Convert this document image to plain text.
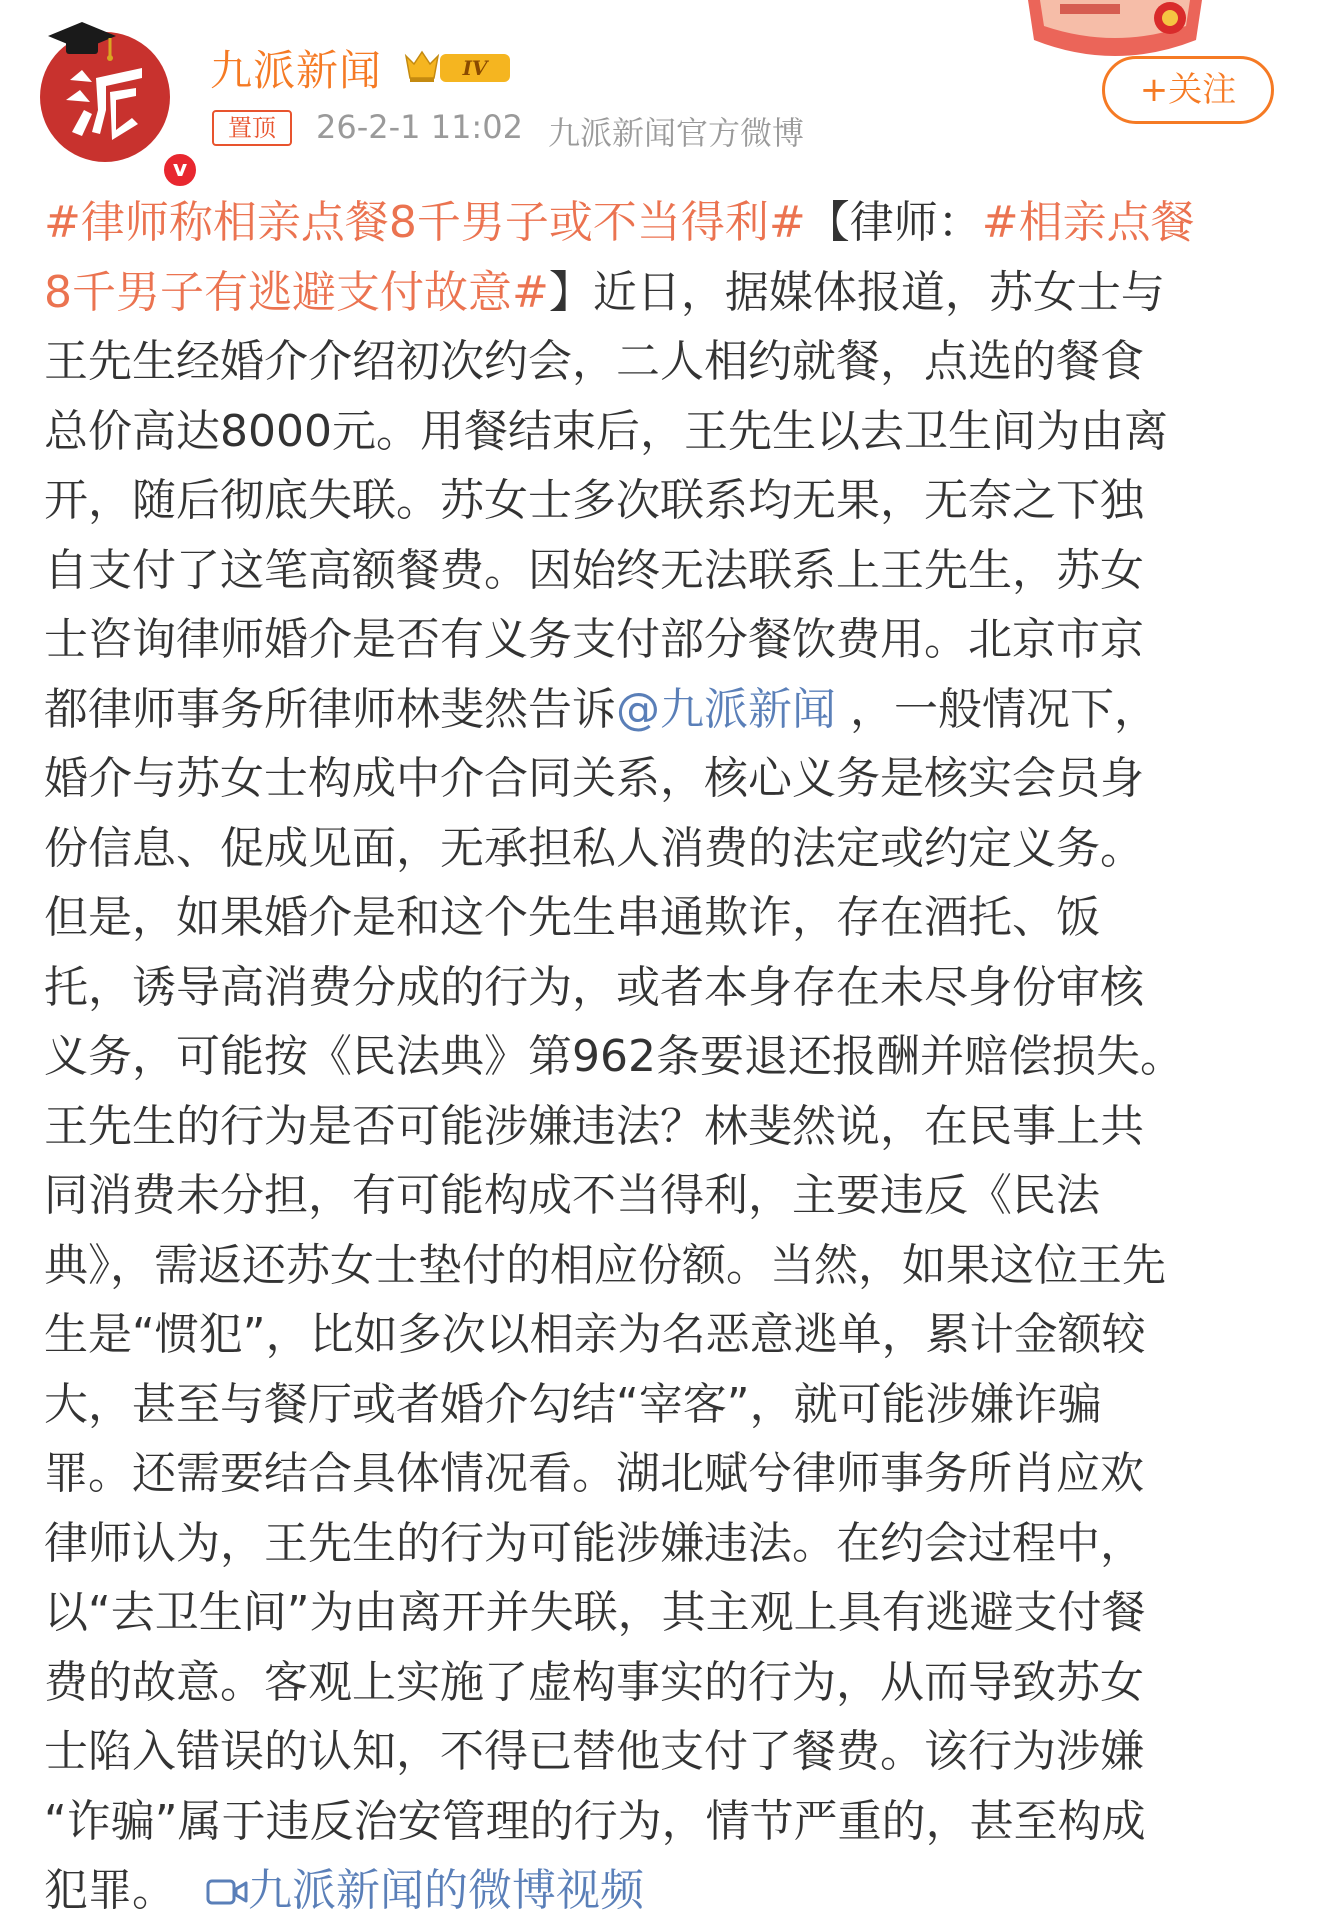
v
九派新闻	IV
置顶	26-2-1 11:02 九派新闻官方微博
+关注
#律师称相亲点餐8千男子或不当得利#【律师：#相亲点餐
8千男子有逃避支付故意#】近日，据媒体报道，苏女士与
王先生经婚介介绍初次约会，二人相约就餐，点选的餐食
总价高达8000元。用餐结束后，王先生以去卫生间为由离
开，随后彻底失联。苏女士多次联系均无果，无奈之下独
自支付了这笔高额餐费。因始终无法联系上王先生，苏女
士咨询律师婚介是否有义务支付部分餐饮费用。北京市京
都律师事务所律师林斐然告诉@九派新闻 ，一般情况下，
婚介与苏女士构成中介合同关系，核心义务是核实会员身
份信息、促成见面，无承担私人消费的法定或约定义务。
但是，如果婚介是和这个先生串通欺诈，存在酒托、饭
托，诱导高消费分成的行为，或者本身存在未尽身份审核
义务，可能按《民法典》第962条要退还报酬并赔偿损失。
王先生的行为是否可能涉嫌违法？林斐然说，在民事上共
同消费未分担，有可能构成不当得利，主要违反《民法
典》，需返还苏女士垫付的相应份额。当然，如果这位王先
生是“惯犯”，比如多次以相亲为名恶意逃单，累计金额较
大，甚至与餐厅或者婚介勾结“宰客”，就可能涉嫌诈骗
罪。还需要结合具体情况看。湖北赋兮律师事务所肖应欢
律师认为，王先生的行为可能涉嫌违法。在约会过程中，
以“去卫生间”为由离开并失联，其主观上具有逃避支付餐
费的故意。客观上实施了虚构事实的行为，从而导致苏女
士陷入错误的认知，不得已替他支付了餐费。该行为涉嫌
“诈骗”属于违反治安管理的行为，情节严重的，甚至构成
犯罪。 九派新闻的微博视频
